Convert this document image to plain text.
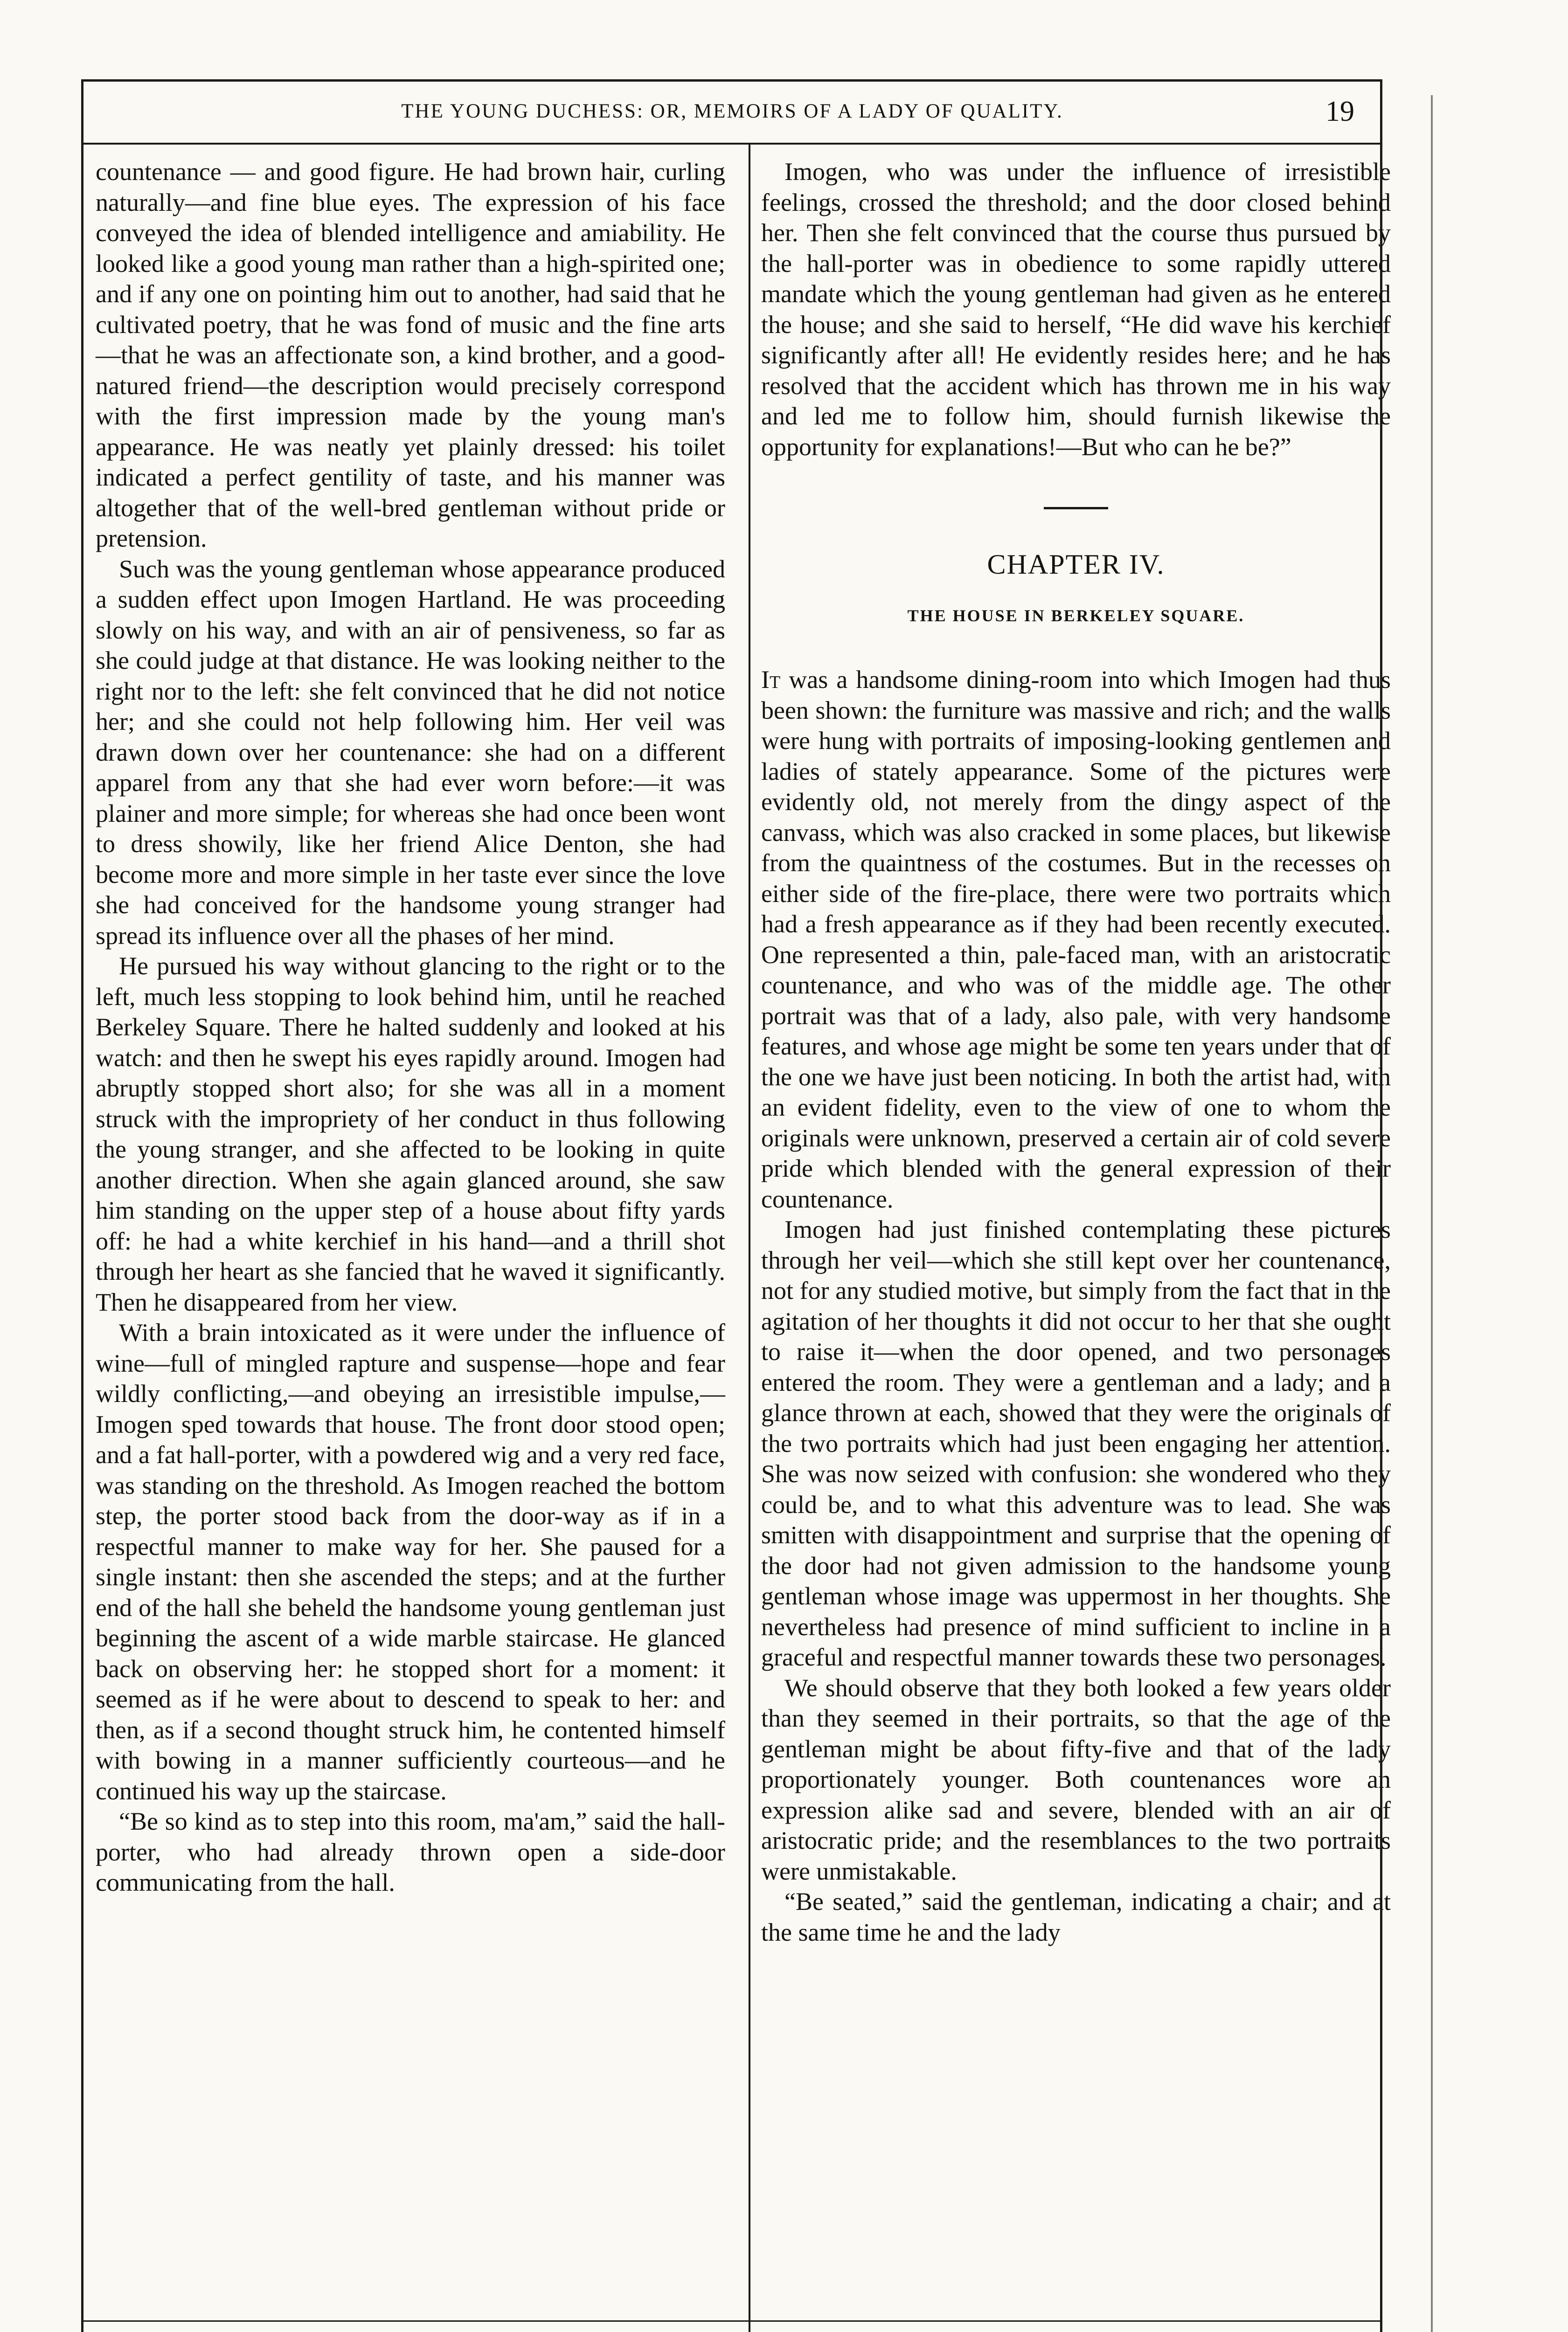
THE YOUNG DUCHESS: OR, MEMOIRS OF A LADY OF QUALITY.	19

countenance — and good figure. He had brown hair, curling naturally—and fine blue eyes. The expression of his face conveyed the idea of blended intelligence and amiability. He looked like a good young man rather than a high-spirited one; and if any one on pointing him out to another, had said that he cultivated poetry, that he was fond of music and the fine arts—that he was an affectionate son, a kind brother, and a good-natured friend—the description would precisely correspond with the first impression made by the young man's appearance. He was neatly yet plainly dressed: his toilet indicated a perfect gentility of taste, and his manner was altogether that of the well-bred gentleman without pride or pretension.

Such was the young gentleman whose appearance produced a sudden effect upon Imogen Hartland. He was proceeding slowly on his way, and with an air of pensiveness, so far as she could judge at that distance. He was looking neither to the right nor to the left: she felt convinced that he did not notice her; and she could not help following him. Her veil was drawn down over her countenance: she had on a different apparel from any that she had ever worn before:—it was plainer and more simple; for whereas she had once been wont to dress showily, like her friend Alice Denton, she had become more and more simple in her taste ever since the love she had conceived for the handsome young stranger had spread its influence over all the phases of her mind.

He pursued his way without glancing to the right or to the left, much less stopping to look behind him, until he reached Berkeley Square. There he halted suddenly and looked at his watch: and then he swept his eyes rapidly around. Imogen had abruptly stopped short also; for she was all in a moment struck with the impropriety of her conduct in thus following the young stranger, and she affected to be looking in quite another direction. When she again glanced around, she saw him standing on the upper step of a house about fifty yards off: he had a white kerchief in his hand—and a thrill shot through her heart as she fancied that he waved it significantly. Then he disappeared from her view.

With a brain intoxicated as it were under the influence of wine—full of mingled rapture and suspense—hope and fear wildly conflicting,—and obeying an irresistible impulse,—Imogen sped towards that house. The front door stood open; and a fat hall-porter, with a powdered wig and a very red face, was standing on the threshold. As Imogen reached the bottom step, the porter stood back from the door-way as if in a respectful manner to make way for her. She paused for a single instant: then she ascended the steps; and at the further end of the hall she beheld the handsome young gentleman just beginning the ascent of a wide marble staircase. He glanced back on observing her: he stopped short for a moment: it seemed as if he were about to descend to speak to her: and then, as if a second thought struck him, he contented himself with bowing in a manner sufficiently courteous—and he continued his way up the staircase.

“Be so kind as to step into this room, ma'am,” said the hall-porter, who had already thrown open a side-door communicating from the hall.

Imogen, who was under the influence of irresistible feelings, crossed the threshold; and the door closed behind her. Then she felt convinced that the course thus pursued by the hall-porter was in obedience to some rapidly uttered mandate which the young gentleman had given as he entered the house; and she said to herself, “He did wave his kerchief significantly after all! He evidently resides here; and he has resolved that the accident which has thrown me in his way and led me to follow him, should furnish likewise the opportunity for explanations!—But who can he be?”

CHAPTER IV.
THE HOUSE IN BERKELEY SQUARE.

It was a handsome dining-room into which Imogen had thus been shown: the furniture was massive and rich; and the walls were hung with portraits of imposing-looking gentlemen and ladies of stately appearance. Some of the pictures were evidently old, not merely from the dingy aspect of the canvass, which was also cracked in some places, but likewise from the quaintness of the costumes. But in the recesses on either side of the fire-place, there were two portraits which had a fresh appearance as if they had been recently executed. One represented a thin, pale-faced man, with an aristocratic countenance, and who was of the middle age. The other portrait was that of a lady, also pale, with very handsome features, and whose age might be some ten years under that of the one we have just been noticing. In both the artist had, with an evident fidelity, even to the view of one to whom the originals were unknown, preserved a certain air of cold severe pride which blended with the general expression of their countenance.

Imogen had just finished contemplating these pictures through her veil—which she still kept over her countenance, not for any studied motive, but simply from the fact that in the agitation of her thoughts it did not occur to her that she ought to raise it—when the door opened, and two personages entered the room. They were a gentleman and a lady; and a glance thrown at each, showed that they were the originals of the two portraits which had just been engaging her attention. She was now seized with confusion: she wondered who they could be, and to what this adventure was to lead. She was smitten with disappointment and surprise that the opening of the door had not given admission to the handsome young gentleman whose image was uppermost in her thoughts. She nevertheless had presence of mind sufficient to incline in a graceful and respectful manner towards these two personages.

We should observe that they both looked a few years older than they seemed in their portraits, so that the age of the gentleman might be about fifty-five and that of the lady proportionately younger. Both countenances wore an expression alike sad and severe, blended with an air of aristocratic pride; and the resemblances to the two portraits were unmistakable.

“Be seated,” said the gentleman, indicating a chair; and at the same time he and the lady
